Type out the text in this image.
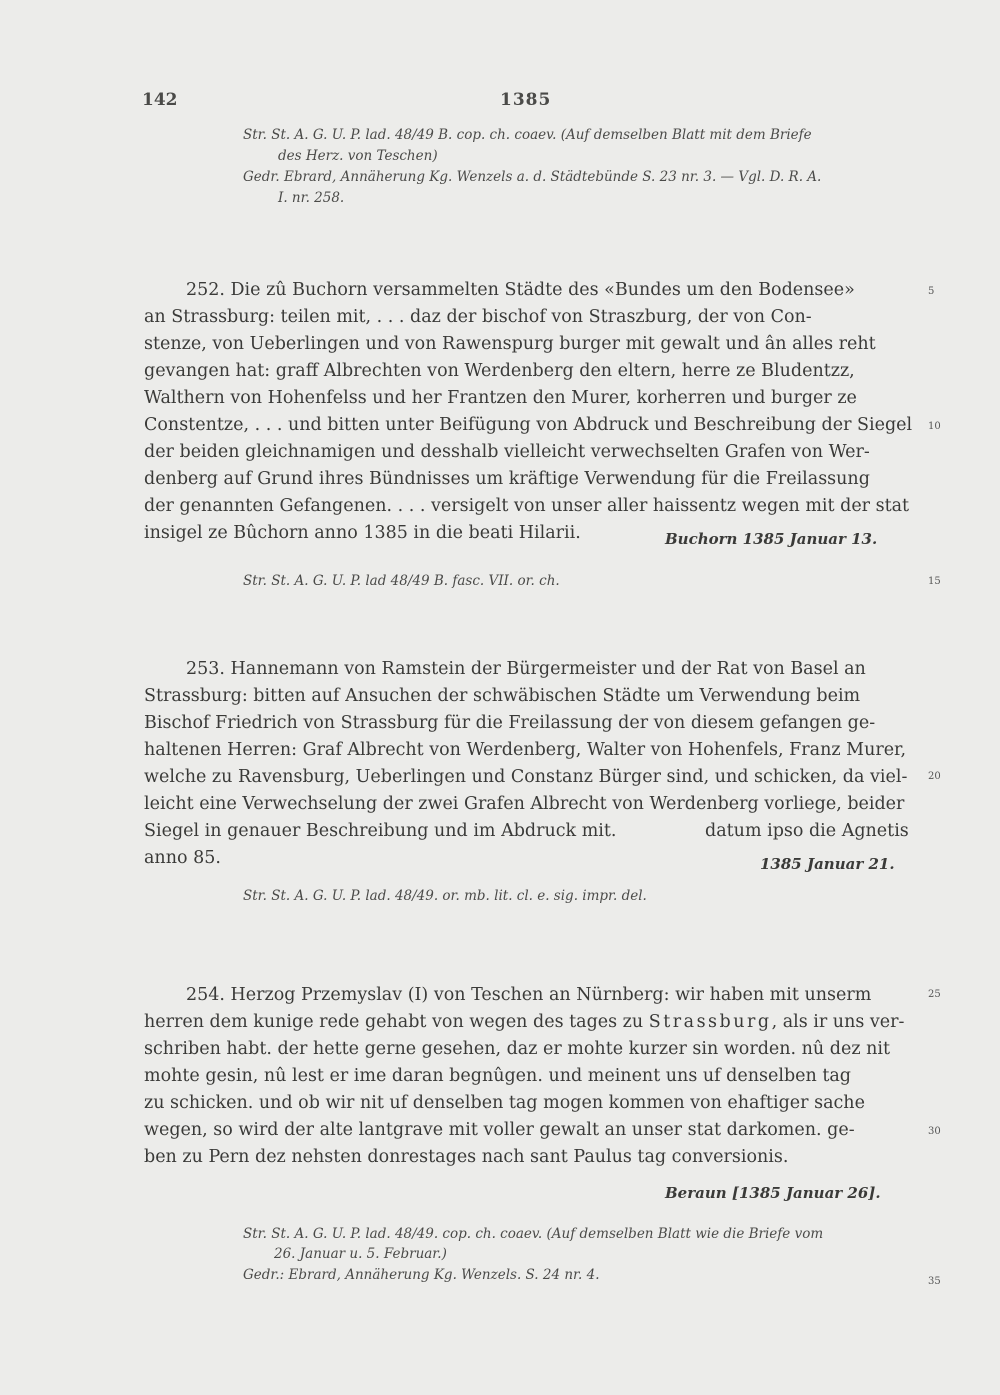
142	1385
Str. St. A. G. U. P. lad. 48/49 B. cop. ch. coaev. (Auf demselben Blatt mit dem Briefe
des Herz. von Teschen)
Gedr. Ebrard, Annäherung Kg. Wenzels a. d. Städtebünde S. 23 nr. 3. — Vgl. D. R. A.
I. nr. 258.
252. Die zû Buchorn versammelten Städte des «Bundes um den Bodensee»
an Strassburg: teilen mit, . . . daz der bischof von Straszburg, der von Con-
stenze, von Ueberlingen und von Rawenspurg burger mit gewalt und ân alles reht
gevangen hat: graff Albrechten von Werdenberg den eltern, herre ze Bludentzz,
Walthern von Hohenfelss und her Frantzen den Murer, korherren und burger ze
Constentze, . . . und bitten unter Beifügung von Abdruck und Beschreibung der Siegel
der beiden gleichnamigen und desshalb vielleicht verwechselten Grafen von Wer-
denberg auf Grund ihres Bündnisses um kräftige Verwendung für die Freilassung
der genannten Gefangenen. . . . versigelt von unser aller haissentz wegen mit der stat
insigel ze Bûchorn anno 1385 in die beati Hilarii.	Buchorn 1385 Januar 13.
Str. St. A. G. U. P. lad 48/49 B. fasc. VII. or. ch.
253. Hannemann von Ramstein der Bürgermeister und der Rat von Basel an
Strassburg: bitten auf Ansuchen der schwäbischen Städte um Verwendung beim
Bischof Friedrich von Strassburg für die Freilassung der von diesem gefangen ge-
haltenen Herren: Graf Albrecht von Werdenberg, Walter von Hohenfels, Franz Murer,
welche zu Ravensburg, Ueberlingen und Constanz Bürger sind, und schicken, da viel-
leicht eine Verwechselung der zwei Grafen Albrecht von Werdenberg vorliege, beider
Siegel in genauer Beschreibung und im Abdruck mit.	datum ipso die Agnetis
anno 85.	1385 Januar 21.
Str. St. A. G. U. P. lad. 48/49. or. mb. lit. cl. e. sig. impr. del.
254. Herzog Przemyslav (I) von Teschen an Nürnberg: wir haben mit unserm
herren dem kunige rede gehabt von wegen des tages zu Strassburg, als ir uns ver-
schriben habt. der hette gerne gesehen, daz er mohte kurzer sin worden. nû dez nit
mohte gesin, nû lest er ime daran begnûgen. und meinent uns uf denselben tag
zu schicken. und ob wir nit uf denselben tag mogen kommen von ehaftiger sache
wegen, so wird der alte lantgrave mit voller gewalt an unser stat darkomen. ge-
ben zu Pern dez nehsten donrestages nach sant Paulus tag conversionis.
Beraun [1385 Januar 26].
Str. St. A. G. U. P. lad. 48/49. cop. ch. coaev. (Auf demselben Blatt wie die Briefe vom
26. Januar u. 5. Februar.)
Gedr.: Ebrard, Annäherung Kg. Wenzels. S. 24 nr. 4.
5
10
15
20
25
30
35
